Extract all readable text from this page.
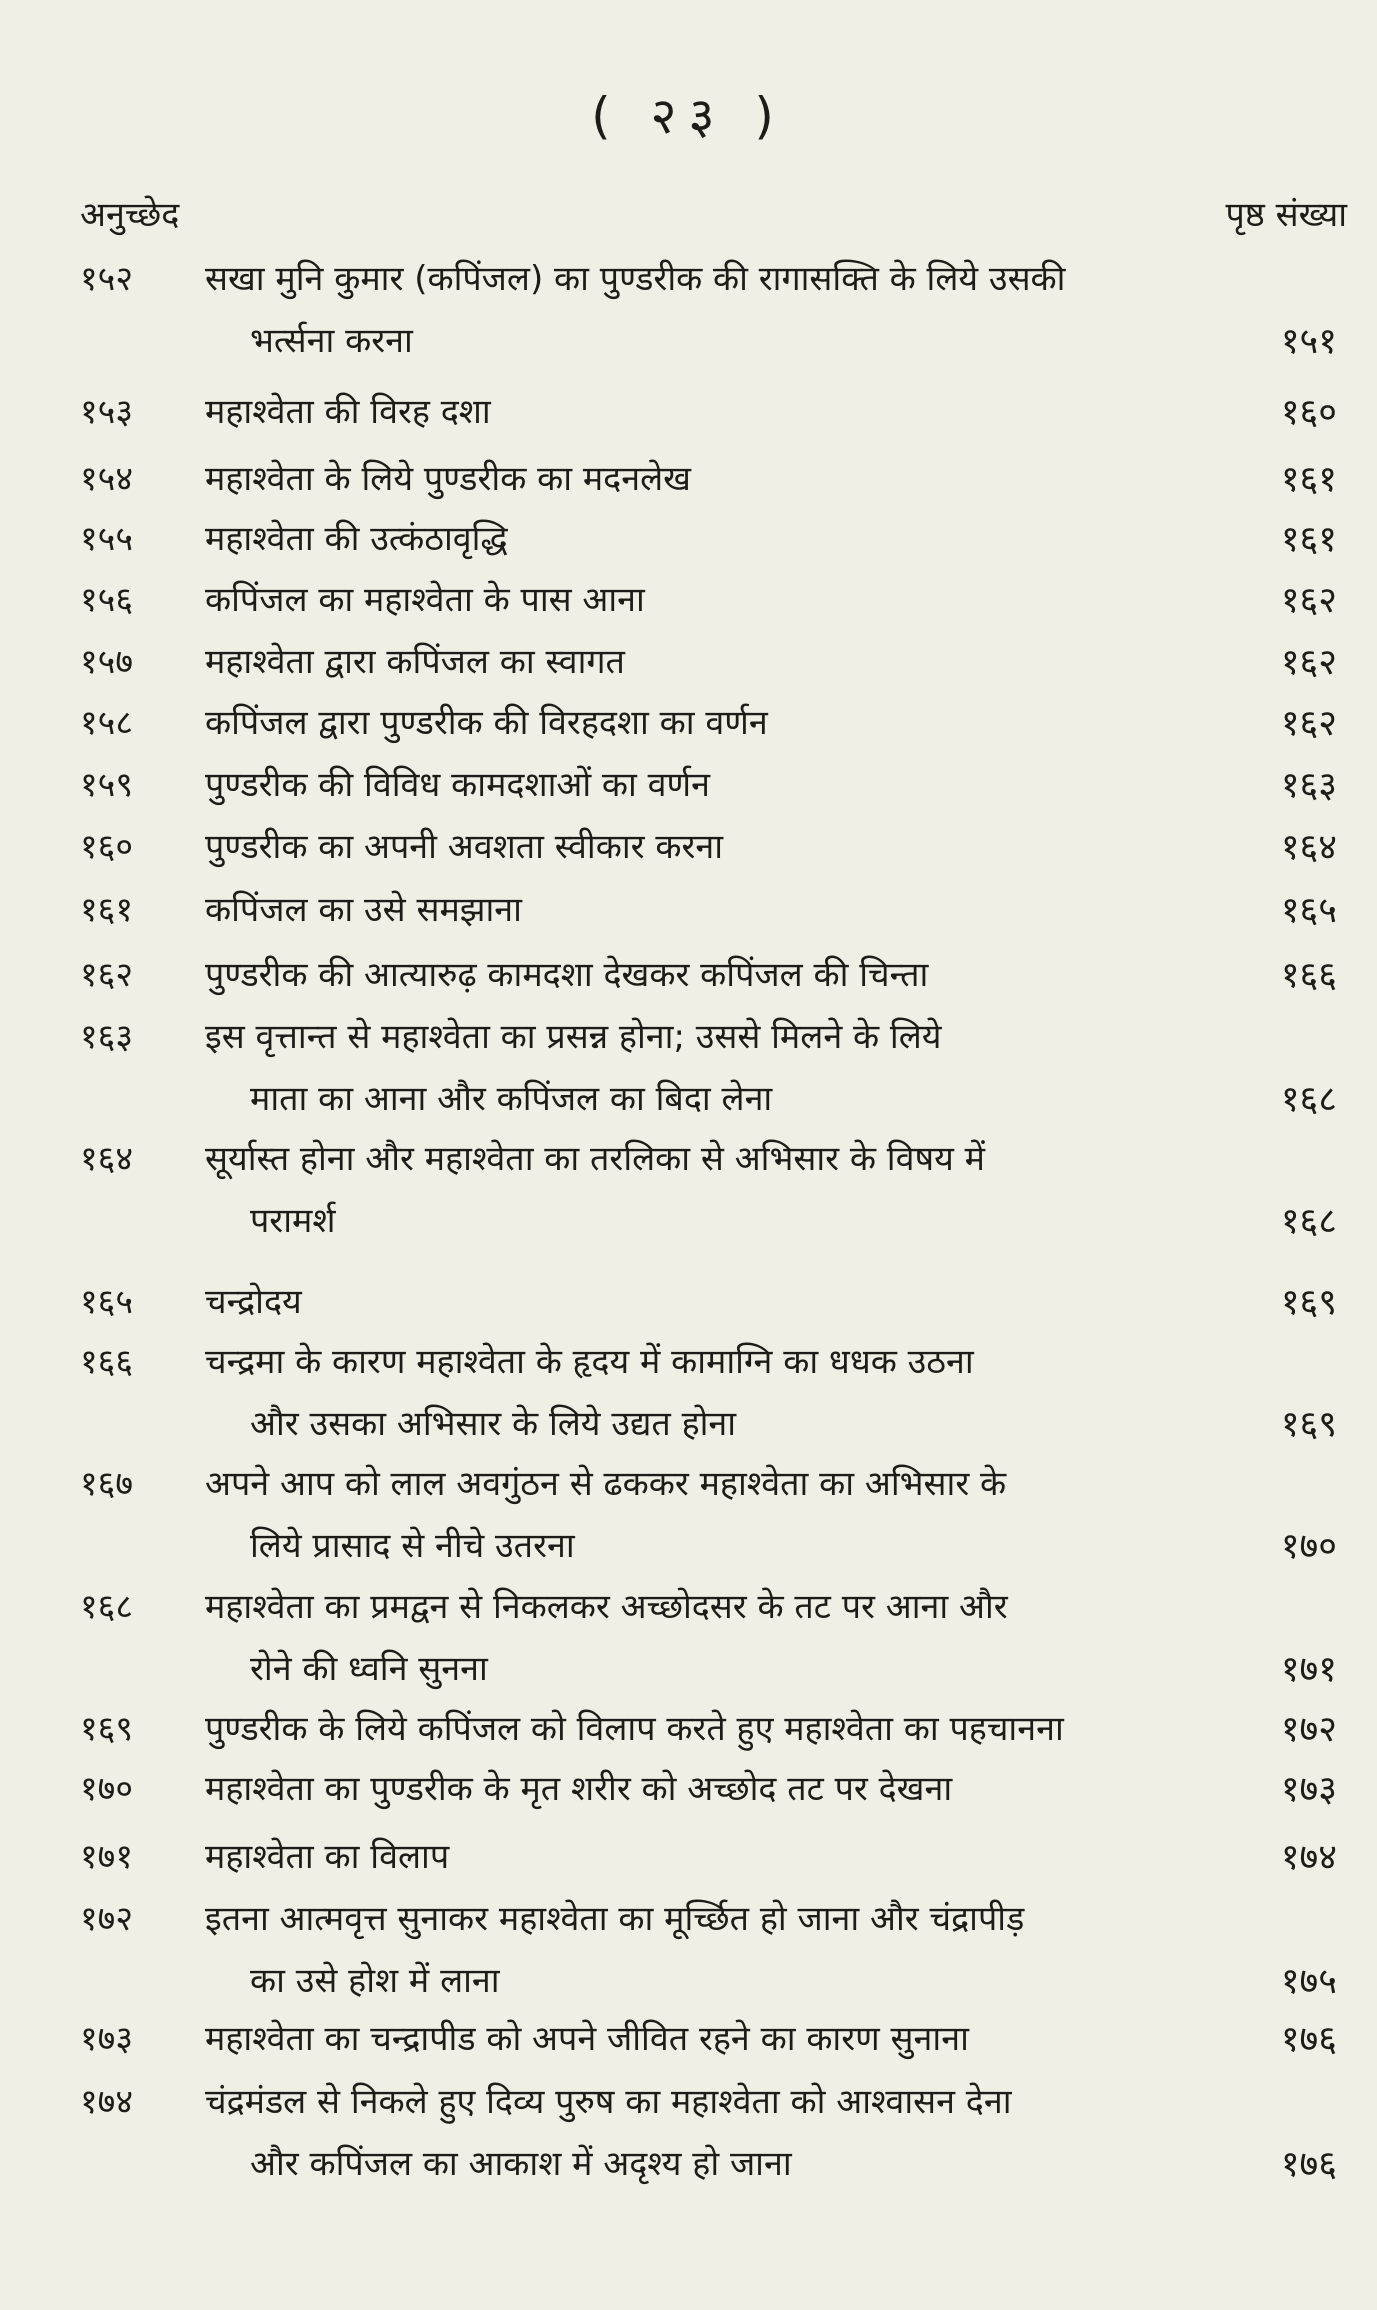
( २३ )
अनुच्छेद	पृष्ठ संख्या
१५२ सखा मुनि कुमार (कपिंजल) का पुण्डरीक की रागासक्ति के लिये उसकी
भर्त्सना करना	१५१
१५३ महाश्वेता की विरह दशा	१६०
१५४ महाश्वेता के लिये पुण्डरीक का मदनलेख	१६१
१५५ महाश्वेता की उत्कंठावृद्धि	१६१
१५६ कपिंजल का महाश्वेता के पास आना	१६२
१५७ महाश्वेता द्वारा कपिंजल का स्वागत	१६२
१५८ कपिंजल द्वारा पुण्डरीक की विरहदशा का वर्णन	१६२
१५९ पुण्डरीक की विविध कामदशाओं का वर्णन	१६३
१६० पुण्डरीक का अपनी अवशता स्वीकार करना	१६४
१६१ कपिंजल का उसे समझाना	१६५
१६२ पुण्डरीक की आत्यारुढ़ कामदशा देखकर कपिंजल की चिन्ता	१६६
१६३ इस वृत्तान्त से महाश्वेता का प्रसन्न होना; उससे मिलने के लिये
माता का आना और कपिंजल का बिदा लेना	१६८
१६४ सूर्यास्त होना और महाश्वेता का तरलिका से अभिसार के विषय में
परामर्श	१६८
१६५ चन्द्रोदय	१६९
१६६ चन्द्रमा के कारण महाश्वेता के हृदय में कामाग्नि का धधक उठना
और उसका अभिसार के लिये उद्यत होना	१६९
१६७ अपने आप को लाल अवगुंठन से ढककर महाश्वेता का अभिसार के
लिये प्रासाद से नीचे उतरना	१७०
१६८ महाश्वेता का प्रमद्वन से निकलकर अच्छोदसर के तट पर आना और
रोने की ध्वनि सुनना	१७१
१६९ पुण्डरीक के लिये कपिंजल को विलाप करते हुए महाश्वेता का पहचानना	१७२
१७० महाश्वेता का पुण्डरीक के मृत शरीर को अच्छोद तट पर देखना	१७३
१७१ महाश्वेता का विलाप	१७४
१७२ इतना आत्मवृत्त सुनाकर महाश्वेता का मूर्च्छित हो जाना और चंद्रापीड़
का उसे होश में लाना	१७५
१७३ महाश्वेता का चन्द्रापीड को अपने जीवित रहने का कारण सुनाना	१७६
१७४ चंद्रमंडल से निकले हुए दिव्य पुरुष का महाश्वेता को आश्वासन देना
और कपिंजल का आकाश में अदृश्य हो जाना	१७६
